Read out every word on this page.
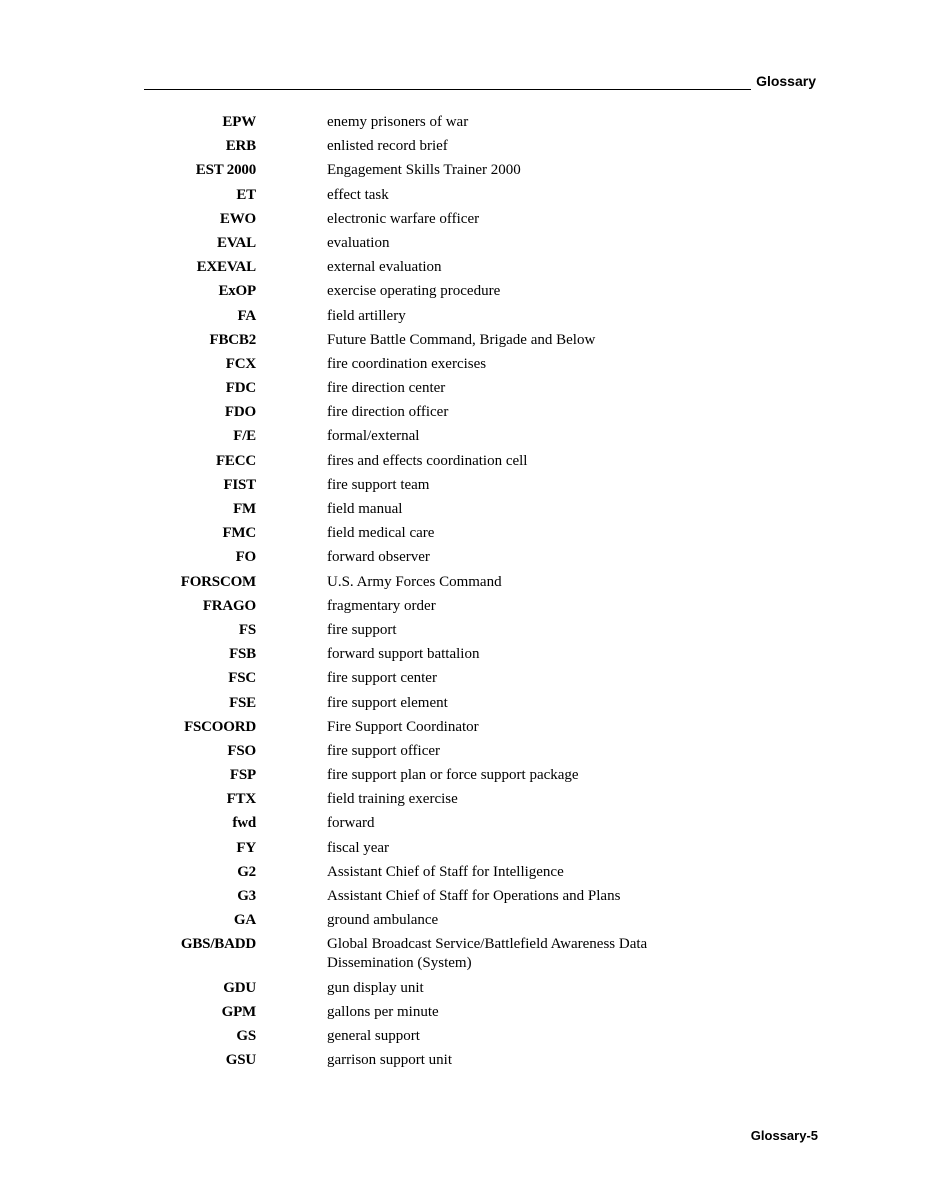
Glossary
EPW	enemy prisoners of war
ERB	enlisted record brief
EST 2000	Engagement Skills Trainer 2000
ET	effect task
EWO	electronic warfare officer
EVAL	evaluation
EXEVAL	external evaluation
ExOP	exercise operating procedure
FA	field artillery
FBCB2	Future Battle Command, Brigade and Below
FCX	fire coordination exercises
FDC	fire direction center
FDO	fire direction officer
F/E	formal/external
FECC	fires and effects coordination cell
FIST	fire support team
FM	field manual
FMC	field medical care
FO	forward observer
FORSCOM	U.S. Army Forces Command
FRAGO	fragmentary order
FS	fire support
FSB	forward support battalion
FSC	fire support center
FSE	fire support element
FSCOORD	Fire Support Coordinator
FSO	fire support officer
FSP	fire support plan or force support package
FTX	field training exercise
fwd	forward
FY	fiscal year
G2	Assistant Chief of Staff for Intelligence
G3	Assistant Chief of Staff for Operations and Plans
GA	ground ambulance
GBS/BADD	Global Broadcast Service/Battlefield Awareness Data Dissemination (System)
GDU	gun display unit
GPM	gallons per minute
GS	general support
GSU	garrison support unit
Glossary-5
